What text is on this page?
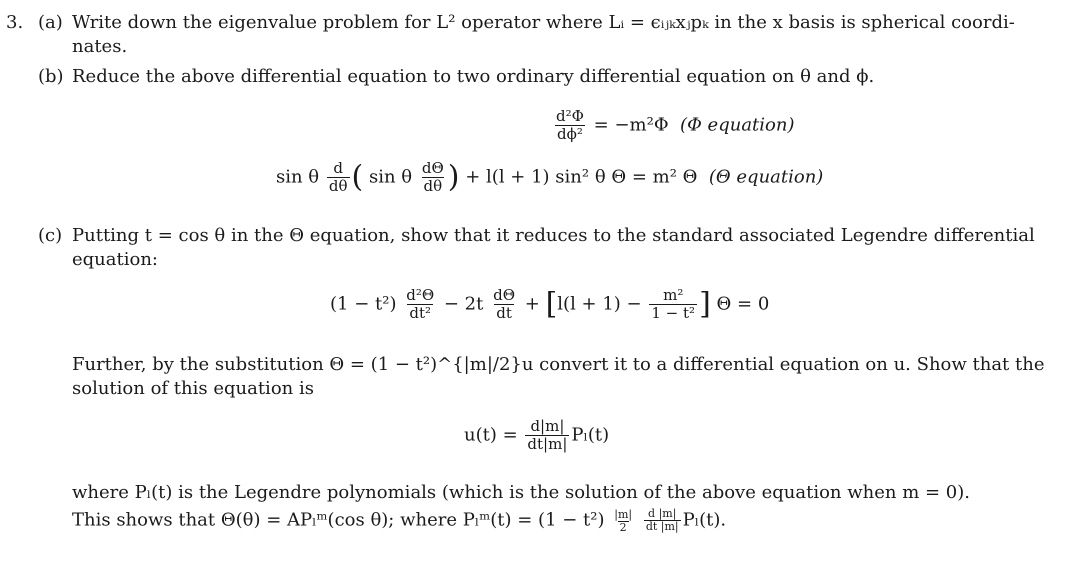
3. (a) Write down the eigenvalue problem for L² operator where Lᵢ = ϵᵢⱼₖxⱼpₖ in the x basis is spherical coordi-
nates.
(b) Reduce the above differential equation to two ordinary differential equation on θ and ϕ.
$\frac{\text{d²Φ}}{\text{dϕ²}} = -m^2\Phi$ (Φ equation)
sin θ $\frac{d}{d\theta}$ ( sin θ $\frac{d\Theta}{d\theta}$ ) + l(l + 1) sin² θ Θ = m² Θ (Θ equation)
(c) Putting t = cos θ in the Θ equation, show that it reduces to the standard associated Legendre differential
equation:
$(1 - t^2) \frac{\text{d²Θ}}{\text{dt²}} - 2t \frac{d\Theta}{dt} + [l(l + 1) - \frac{\text{m²}}{\text{1 − t²}}$ ] Θ = 0
Further, by the substitution Θ = (1 − t²)^{|m|/2}u convert it to a differential equation on u. Show that the
solution of this equation is
$u(t) = \frac{d|m|}{dt|m|} P_l(t)$
where Pₗ(t) is the Legendre polynomials (which is the solution of the above equation when m = 0).
This shows that Θ(θ) = APₗᵐ(cos θ); where Pₗᵐ(t) = $(1 - t^2) \frac{|m|}{2}$
$\frac{d |m|}{dt |m|} P_l(t)$.
